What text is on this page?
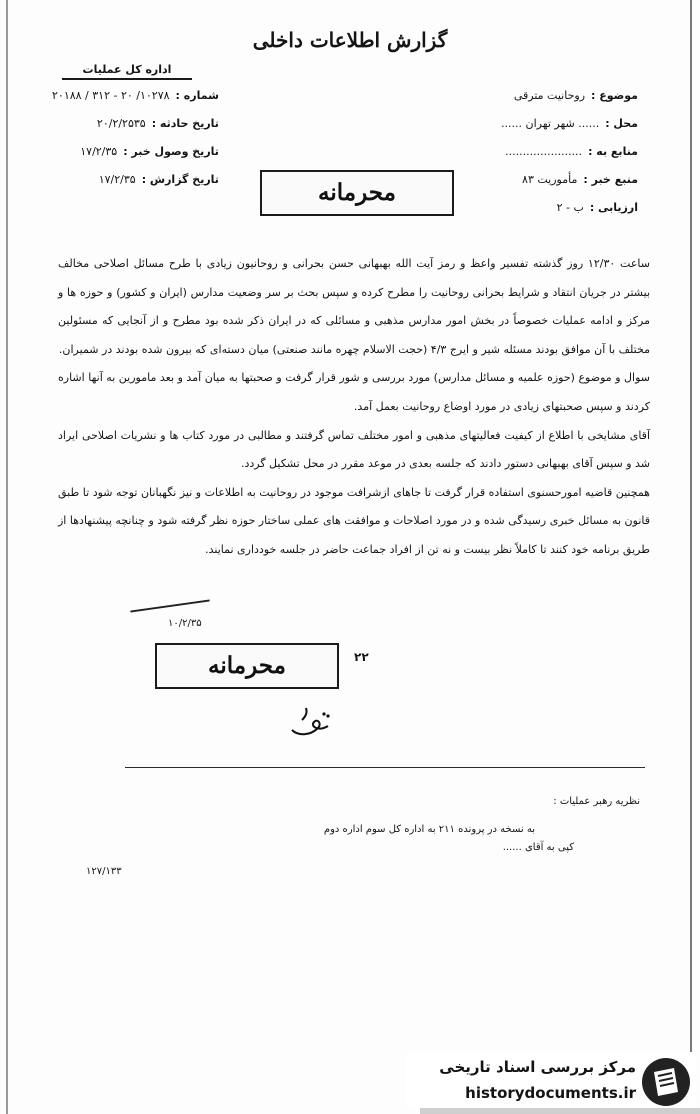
گزارش اطلاعات داخلی
اداره کل عملیات
موضوع :روحانیت مترقی
محل :...... شهر تهران ......
منابع به :......................
منبع خبر :مأموریت ۸۳
ارزیابی :ب - ۲
شماره :۱۰۲۷۸/ ۲۰ - ۳۱۲ / ۲۰۱۸۸
تاریخ حادثه :۲۰/۲/۲۵۳۵
تاریخ وصول خبر :۱۷/۲/۳۵
تاریخ گزارش :۱۷/۲/۳۵	محرمانه

ساعت ۱۲/۳۰ روز گذشته تفسیر واعظ و رمز آیت الله بهبهانی حسن بحرانی و روحانیون زیادی با طرح مسائل اصلاحی مخالف بیشتر در جریان انتقاد و شرایط بحرانی روحانیت را مطرح کرده و سپس بحث بر سر وضعیت مدارس (ایران و کشور) و حوزه ها و مرکز و ادامه عملیات خصوصاً در بخش امور مدارس مذهبی و مسائلی که در ایران ذکر شده بود مطرح و از آنجایی که مسئولین مختلف با آن موافق بودند مسئله شیر و ایرج ۴/۳ (حجت الاسلام چهره مانند صنعتی) میان دسته‌ای که بیرون شده بودند در شمیران.

سوال و موضوع (حوزه علمیه و مسائل مدارس) مورد بررسی و شور قرار گرفت و صحبتها به میان آمد و بعد مامورین به آنها اشاره کردند و سپس صحبتهای زیادی در مورد اوضاع روحانیت بعمل آمد.

آقای مشایخی با اطلاع از کیفیت فعالیتهای مذهبی و امور مختلف تماس گرفتند و مطالبی در مورد کتاب ها و نشریات اصلاحی ایراد شد و سپس آقای بهبهانی دستور دادند که جلسه بعدی در موعد مقرر در محل تشکیل گردد.

همچنین قاضیه امورحسنوی استفاده قرار گرفت تا جاهای ازشرافت موجود در روحانیت به اطلاعات و نیز نگهبانان توجه شود تا طبق قانون به مسائل خبری رسیدگی شده و در مورد اصلاحات و موافقت های عملی ساختار حوزه نظر گرفته شود و چنانچه پیشنهادها از طریق برنامه خود کنند تا کاملاً نظر بیست و نه تن از افراد جماعت حاضر در جلسه خودداری نمایند.

۱۰/۲/۳۵
محرمانه	۲۲
نظریه رهبر عملیات :
به نسخه در پرونده ۲۱۱ به اداره کل سوم اداره دوم
کپی به آقای ......
۱۲۷/۱۳۳
مرکز بررسی اسناد تاریخی
historydocuments.ir
